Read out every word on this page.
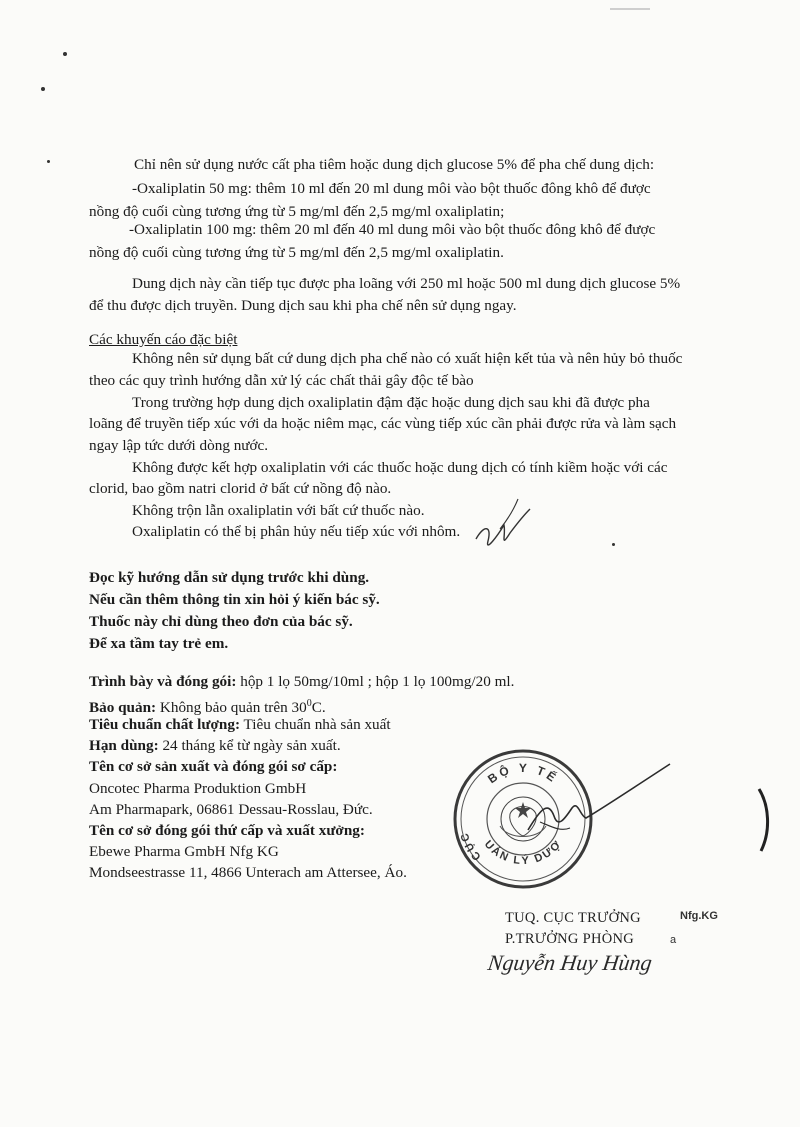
Chỉ nên sử dụng nước cất pha tiêm hoặc dung dịch glucose 5% để pha chế dung dịch:
-Oxaliplatin 50 mg: thêm 10 ml đến 20 ml dung môi vào bột thuốc đông khô để được
nồng độ cuối cùng tương ứng từ 5 mg/ml đến 2,5 mg/ml oxaliplatin;
-Oxaliplatin 100 mg: thêm 20 ml đến 40 ml dung môi vào bột thuốc đông khô để được
nồng độ cuối cùng tương ứng từ 5 mg/ml đến 2,5 mg/ml oxaliplatin.
Dung dịch này cần tiếp tục được pha loãng với 250 ml hoặc 500 ml dung dịch glucose 5%
để thu được dịch truyền. Dung dịch sau khi pha chế nên sử dụng ngay.
Các khuyến cáo đặc biệt
Không nên sử dụng bất cứ dung dịch pha chế nào có xuất hiện kết tủa và nên hủy bỏ thuốc
theo các quy trình hướng dẫn xử lý các chất thải gây độc tế bào
Trong trường hợp dung dịch oxaliplatin đậm đặc hoặc dung dịch sau khi đã được pha
loãng để truyền tiếp xúc với da hoặc niêm mạc, các vùng tiếp xúc cần phải được rửa và làm sạch
ngay lập tức dưới dòng nước.
Không được kết hợp oxaliplatin với các thuốc hoặc dung dịch có tính kiềm hoặc với các
clorid, bao gồm natri clorid ở bất cứ nồng độ nào.
Không trộn lẫn oxaliplatin với bất cứ thuốc nào.
Oxaliplatin có thể bị phân hủy nếu tiếp xúc với nhôm.
Đọc kỹ hướng dẫn sử dụng trước khi dùng.
Nếu cần thêm thông tin xin hỏi ý kiến bác sỹ.
Thuốc này chỉ dùng theo đơn của bác sỹ.
Để xa tầm tay trẻ em.
Trình bày và đóng gói: hộp 1 lọ 50mg/10ml ; hộp 1 lọ 100mg/20 ml.
Bảo quản: Không bảo quản trên $30^0C$.
Tiêu chuẩn chất lượng: Tiêu chuẩn nhà sản xuất
Hạn dùng: 24 tháng kể từ ngày sản xuất.
Tên cơ sở sản xuất và đóng gói sơ cấp:
Oncotec Pharma Produktion GmbH
Am Pharmapark, 06861 Dessau-Rosslau, Đức.
Tên cơ sở đóng gói thứ cấp và xuất xưởng:
Ebewe Pharma GmbH Nfg KG
Mondseestrasse 11, 4866 Unterach am Attersee, Áo.
BỘ Y TẾ
CỤC
QUẢN LÝ DƯỢC
TUQ. CỤC TRƯỞNG
P.TRƯỞNG PHÒNG
Nguyễn Huy Hùng
Nfg.KG
a
